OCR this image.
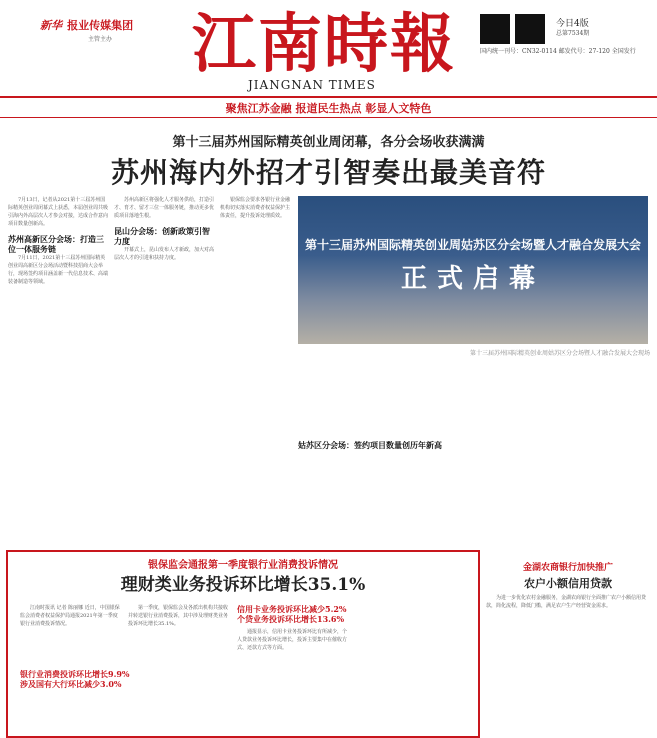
新华 报业传媒集团
主管主办 江南時報
JIANGNAN TIMES
今日4版
总第7534期
国内统一刊号：CN32-0114 邮发代号：27-120 全国发行
聚焦江苏金融 报道民生热点 彰显人文特色
第十三届苏州国际精英创业周闭幕，各分会场收获满满
苏州海内外招才引智奏出最美音符

7月13日，记者从2021第十三届苏州国际精英创业周闭幕式上获悉，本届创业周共吸引海内外高层次人才参会对接，达成合作意向项目数量创新高。

苏州高新区分会场：打造三位一体服务链

7月11日，2021第十三届苏州国际精英创业周高新区分会场活动暨科技招商大会举行，现场签约项目涵盖新一代信息技术、高端装备制造等领域。

苏州高新区将强化人才服务供给，打造引才、育才、留才三位一体服务链，推动更多优质项目落地生根。

昆山分会场：创新政策引智力度

开幕式上，昆山发布人才新政，加大对高层次人才的引进和扶持力度。

银保监会要求各银行业金融机构切实落实消费者权益保护主体责任，提升投诉处理质效。

第十三届苏州国际精英创业周姑苏区分会场暨人才融合发展大会
正式启幕
第十三届苏州国际精英创业周姑苏区分会场暨人才融合发展大会现场
姑苏区分会场：签约项目数量创历年新高
银保监会通报第一季度银行业消费投诉情况
理财类业务投诉环比增长35.1%

江南时报讯 记者 陈丽娜 近日，中国银保监会消费者权益保护局通报2021年第一季度银行业消费投诉情况。

银行业消费投诉环比增长9.9% 涉及国有大行环比减少3.0%

第一季度，银保监会及各派出机构共接收并转送银行业消费投诉，其中涉及理财类业务投诉环比增长35.1%。

信用卡业务投诉环比减少5.2% 个贷业务投诉环比增长13.6%

通报显示，信用卡业务投诉环比有所减少，个人贷款业务投诉环比增长，投诉主要集中在催收方式、还款方式等方面。

金湖农商银行加快推广
农户小额信用贷款

为进一步优化农村金融服务，金湖农商银行全面推广农户小额信用贷款，简化流程，降低门槛，满足农户生产经营资金需求。
